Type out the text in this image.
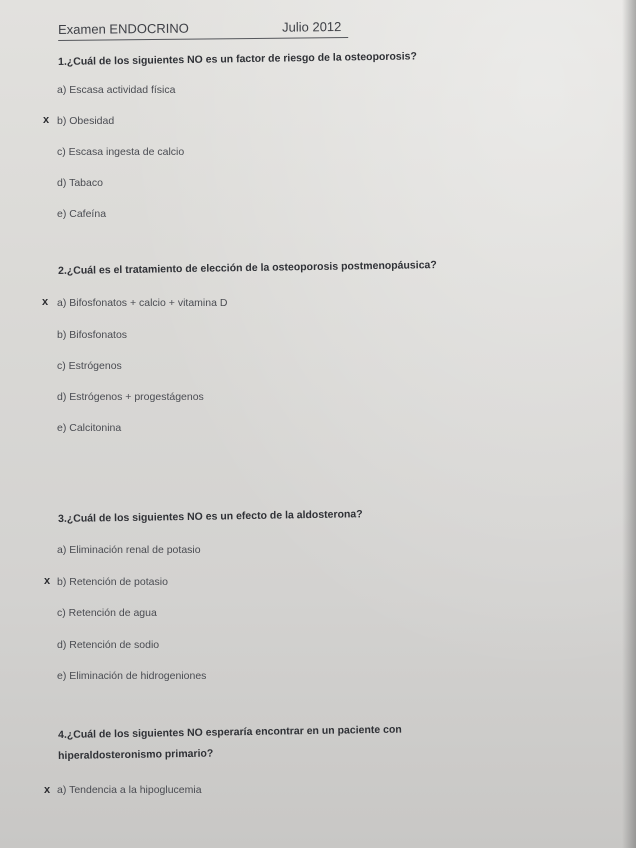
Examen ENDOCRINO	Julio 2012
1.¿Cuál de los siguientes NO es un factor de riesgo de la osteoporosis?
a) Escasa actividad física
x b) Obesidad
c) Escasa ingesta de calcio
d) Tabaco
e) Cafeína
2.¿Cuál es el tratamiento de elección de la osteoporosis postmenopáusica?
x a) Bifosfonatos + calcio + vitamina D
b) Bifosfonatos
c) Estrógenos
d) Estrógenos + progestágenos
e) Calcitonina
3.¿Cuál de los siguientes NO es un efecto de la aldosterona?
a) Eliminación renal de potasio
x b) Retención de potasio
c) Retención de agua
d) Retención de sodio
e) Eliminación de hidrogeniones
4.¿Cuál de los siguientes NO esperaría encontrar en un paciente con
hiperaldosteronismo primario?
x a) Tendencia a la hipoglucemia
